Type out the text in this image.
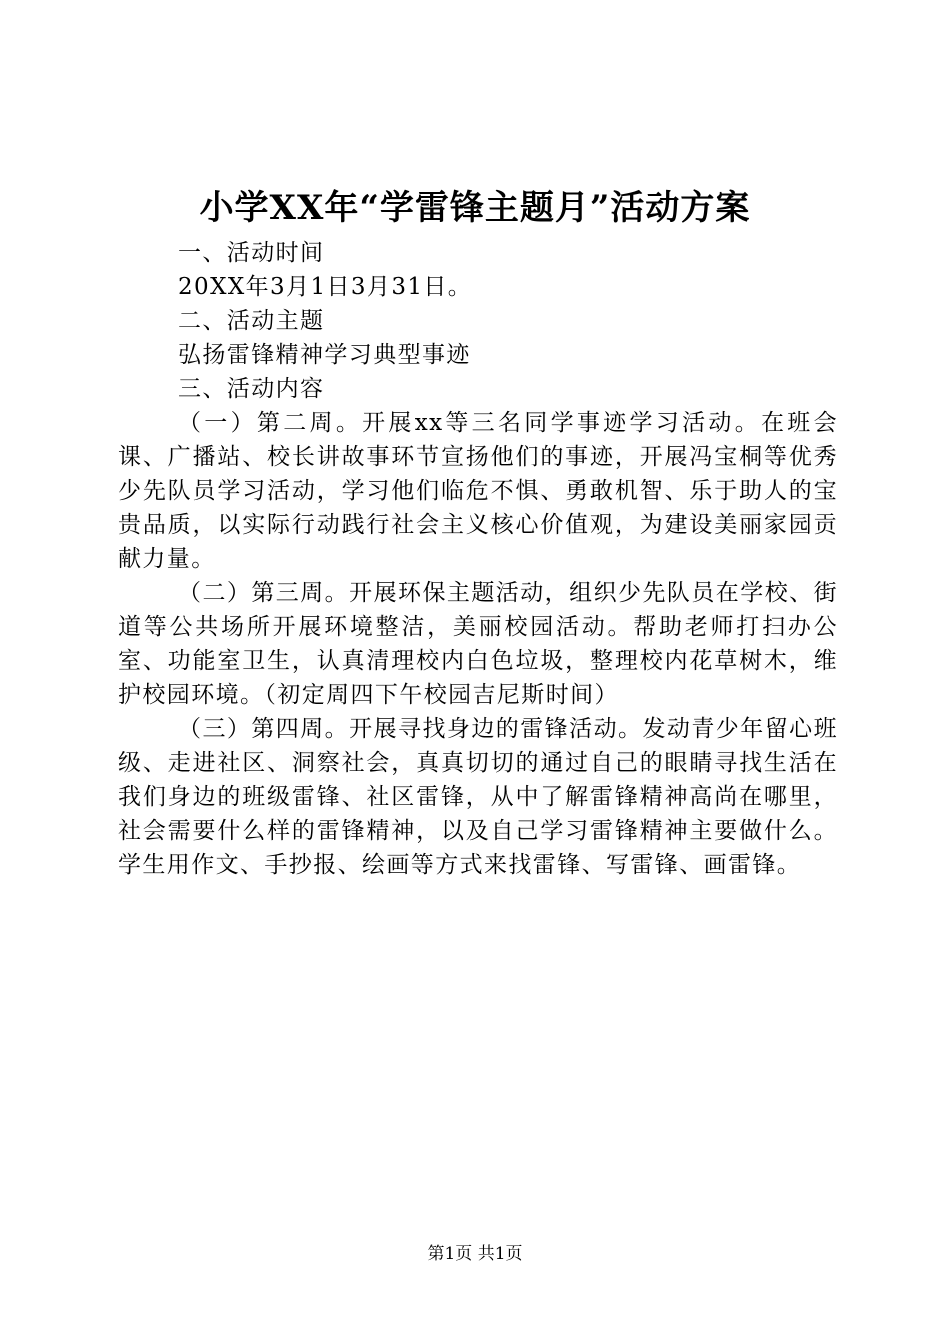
小学XX年“学雷锋主题月”活动方案

一、活动时间

20XX年3月1日3月31日。

二、活动主题

弘扬雷锋精神学习典型事迹

三、活动内容

（一）第二周。开展xx等三名同学事迹学习活动。在班会课、广播站、校长讲故事环节宣扬他们的事迹，开展冯宝桐等优秀少先队员学习活动，学习他们临危不惧、勇敢机智、乐于助人的宝贵品质，以实际行动践行社会主义核心价值观，为建设美丽家园贡献力量。

（二）第三周。开展环保主题活动，组织少先队员在学校、街道等公共场所开展环境整洁，美丽校园活动。帮助老师打扫办公室、功能室卫生，认真清理校内白色垃圾，整理校内花草树木，维护校园环境。（初定周四下午校园吉尼斯时间）

（三）第四周。开展寻找身边的雷锋活动。发动青少年留心班级、走进社区、洞察社会，真真切切的通过自己的眼睛寻找生活在我们身边的班级雷锋、社区雷锋，从中了解雷锋精神高尚在哪里，社会需要什么样的雷锋精神，以及自己学习雷锋精神主要做什么。学生用作文、手抄报、绘画等方式来找雷锋、写雷锋、画雷锋。

第1页 共1页
